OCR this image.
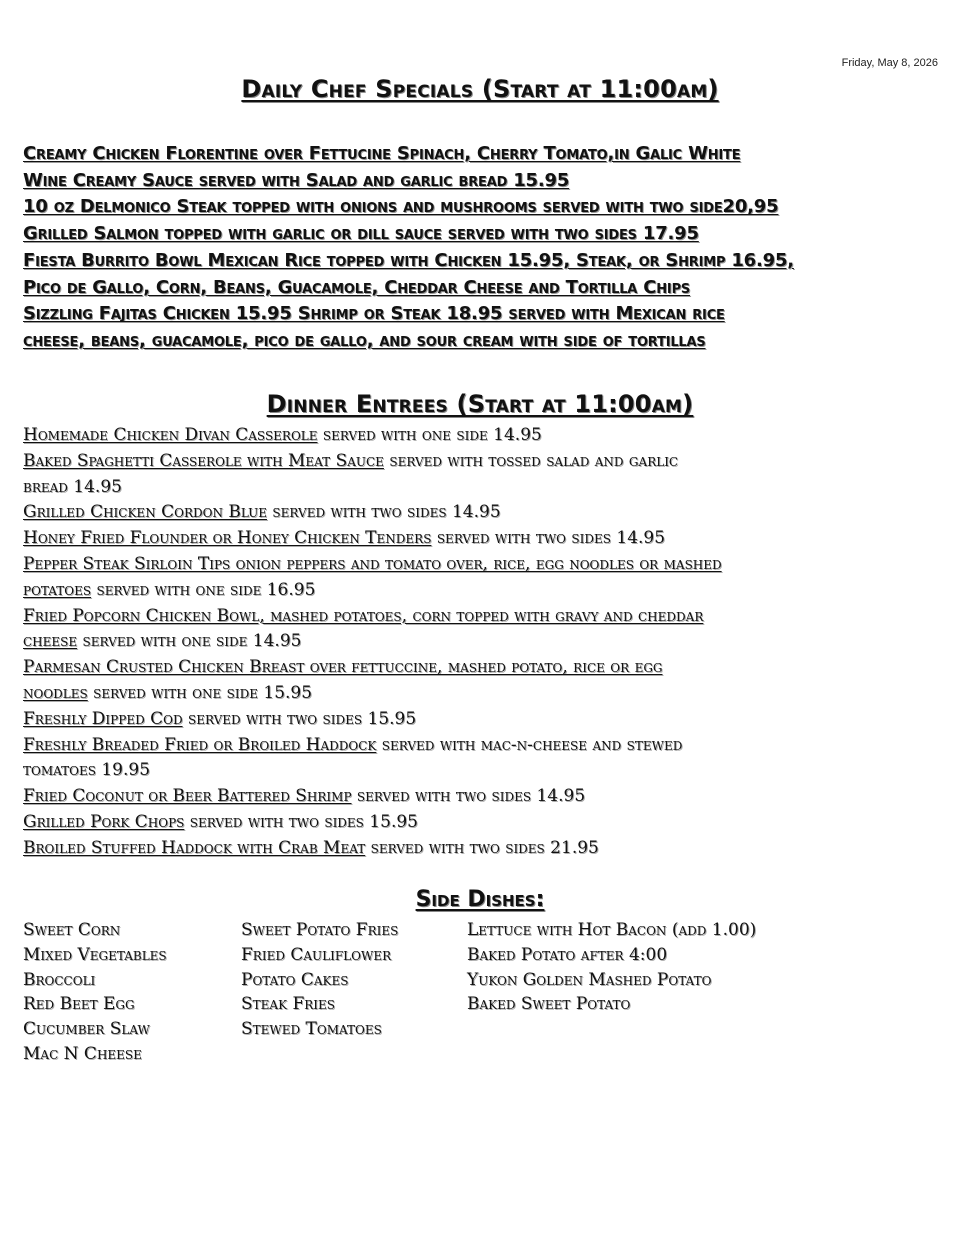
Friday, May 8, 2026
Daily Chef Specials (Start at 11:00am)
Creamy Chicken Florentine over Fettucine Spinach, Cherry Tomato,in Galic White
Wine Creamy Sauce served with Salad and garlic bread 15.95
10 oz Delmonico Steak topped with onions and mushrooms served with two side20,95
Grilled Salmon topped with garlic or dill sauce served with two sides 17.95
Fiesta Burrito Bowl Mexican Rice topped with Chicken 15.95, Steak, or Shrimp 16.95,
Pico de Gallo, Corn, Beans, Guacamole, Cheddar Cheese and Tortilla Chips
Sizzling Fajitas Chicken 15.95 Shrimp or Steak 18.95 served with Mexican rice
cheese, beans, guacamole, pico de gallo, and sour cream with side of tortillas
Dinner Entrees (Start at 11:00am)
Homemade Chicken Divan Casserole served with one side 14.95
Baked Spaghetti Casserole with Meat Sauce served with tossed salad and garlic
bread 14.95
Grilled Chicken Cordon Blue served with two sides 14.95
Honey Fried Flounder or Honey Chicken Tenders served with two sides 14.95
Pepper Steak Sirloin Tips onion peppers and tomato over, rice, egg noodles or mashed
potatoes served with one side 16.95
Fried Popcorn Chicken Bowl, mashed potatoes, corn topped with gravy and cheddar
cheese served with one side 14.95
Parmesan Crusted Chicken Breast over fettuccine, mashed potato, rice or egg
noodles served with one side 15.95
Freshly Dipped Cod served with two sides 15.95
Freshly Breaded Fried or Broiled Haddock served with mac-n-cheese and stewed
tomatoes 19.95
Fried Coconut or Beer Battered Shrimp served with two sides 14.95
Grilled Pork Chops served with two sides 15.95
Broiled Stuffed Haddock with Crab Meat served with two sides 21.95
Side Dishes:
Sweet Corn
Mixed Vegetables
Broccoli
Red Beet Egg
Cucumber Slaw
Mac N Cheese
Sweet Potato Fries
Fried Cauliflower
Potato Cakes
Steak Fries
Stewed Tomatoes
Lettuce with Hot Bacon (add 1.00)
Baked Potato after 4:00
Yukon Golden Mashed Potato
Baked Sweet Potato
